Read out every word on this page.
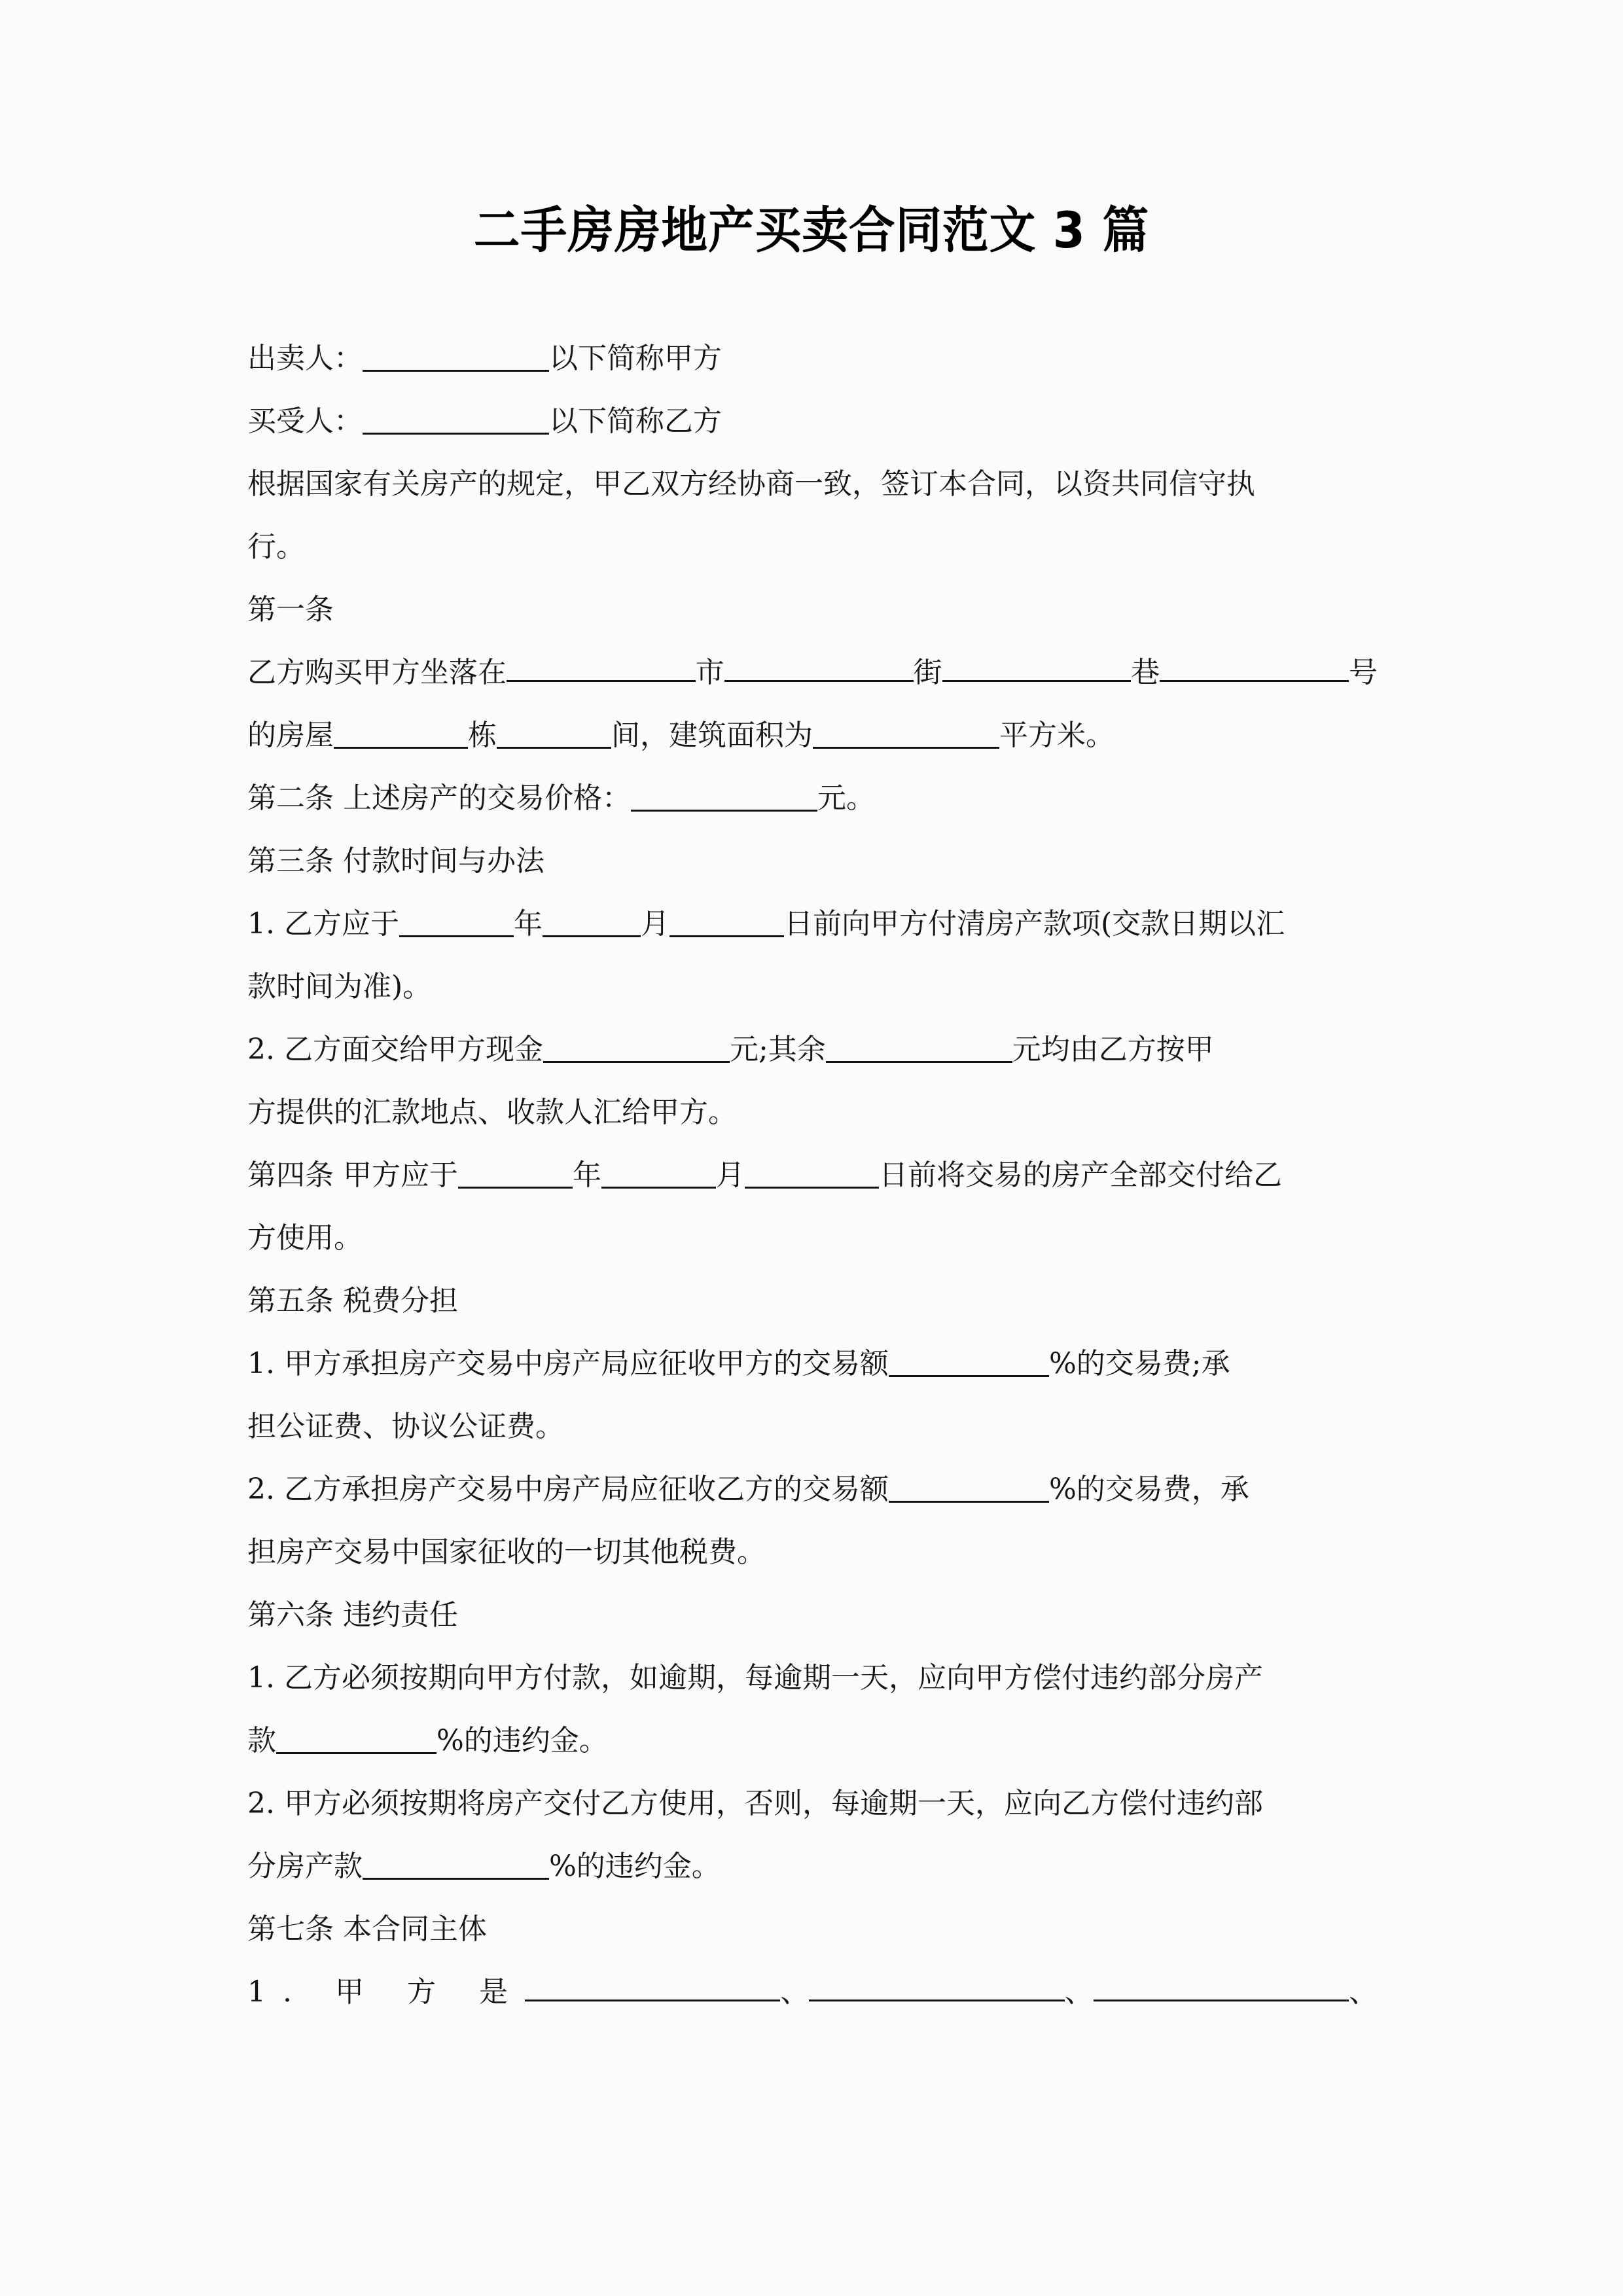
二手房房地产买卖合同范文 3 篇
出卖人：	以下简称甲方
买受人：	以下简称乙方
根据国家有关房产的规定，甲乙双方经协商一致，签订本合同，以资共同信守执
行。
第一条
乙方购买甲方坐落在	市	街	巷	号
的房屋	栋	间，建筑面积为	平方米。
第二条 上述房产的交易价格：	元。
第三条 付款时间与办法
1. 乙方应于	年	月	日前向甲方付清房产款项(交款日期以汇
款时间为准)。
2. 乙方面交给甲方现金	元;其余	元均由乙方按甲
方提供的汇款地点、收款人汇给甲方。
第四条 甲方应于	年	月	日前将交易的房产全部交付给乙
方使用。
第五条 税费分担
1. 甲方承担房产交易中房产局应征收甲方的交易额	%的交易费;承
担公证费、协议公证费。
2. 乙方承担房产交易中房产局应征收乙方的交易额	%的交易费，承
担房产交易中国家征收的一切其他税费。
第六条 违约责任
1. 乙方必须按期向甲方付款，如逾期，每逾期一天，应向甲方偿付违约部分房产
款	%的违约金。
2. 甲方必须按期将房产交付乙方使用，否则，每逾期一天，应向乙方偿付违约部
分房产款	%的违约金。
第七条 本合同主体
1. 甲 方 是	、	、	、
